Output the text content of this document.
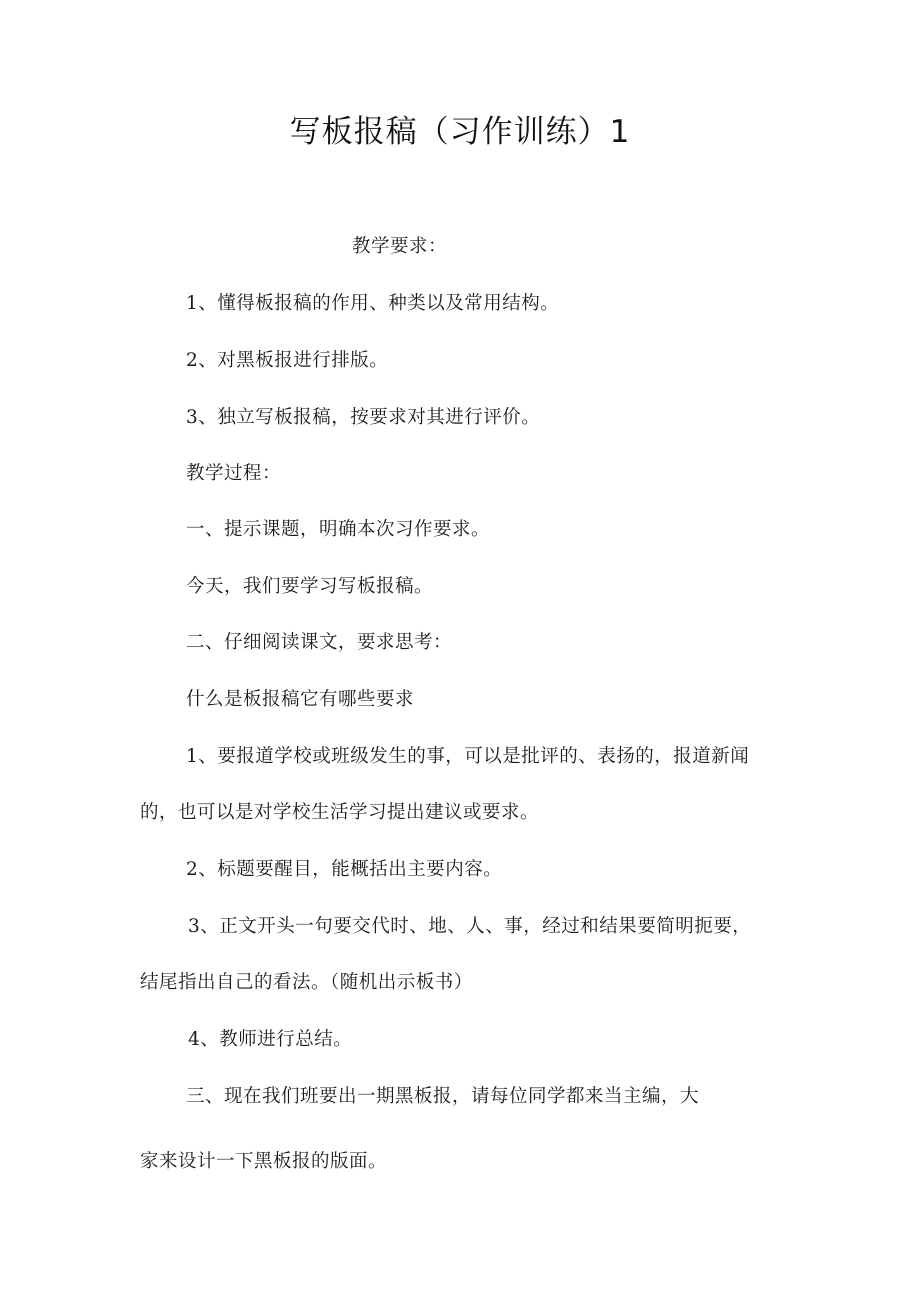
写板报稿（习作训练）1

教学要求：

1、懂得板报稿的作用、种类以及常用结构。

2、对黑板报进行排版。

3、独立写板报稿，按要求对其进行评价。

教学过程：

一、提示课题，明确本次习作要求。

今天，我们要学习写板报稿。

二、仔细阅读课文，要求思考：

什么是板报稿它有哪些要求

1、要报道学校或班级发生的事，可以是批评的、表扬的，报道新闻

的，也可以是对学校生活学习提出建议或要求。

2、标题要醒目，能概括出主要内容。

3、正文开头一句要交代时、地、人、事，经过和结果要简明扼要，

结尾指出自己的看法。（随机出示板书）

4、教师进行总结。

三、现在我们班要出一期黑板报，请每位同学都来当主编，大

家来设计一下黑板报的版面。
